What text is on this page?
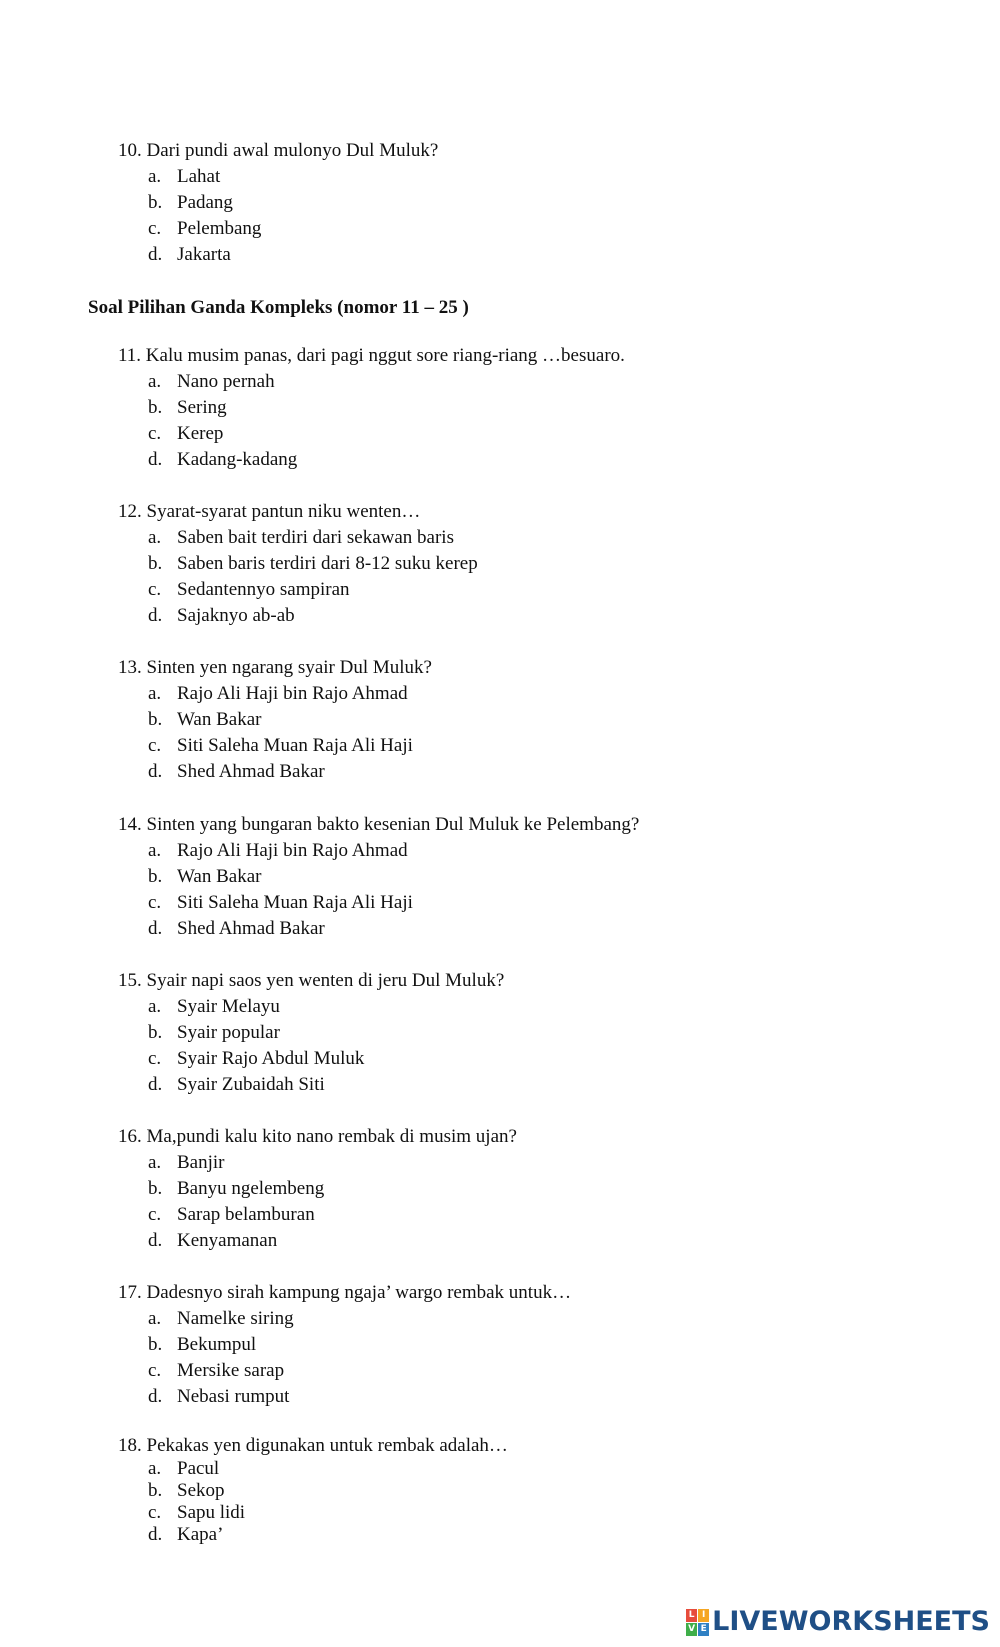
10. Dari pundi awal mulonyo Dul Muluk?
a. Lahat
b. Padang
c. Pelembang
d. Jakarta
Soal Pilihan Ganda Kompleks (nomor 11 – 25 )
11. Kalu musim panas, dari pagi nggut sore riang-riang …besuaro.
a. Nano pernah
b. Sering
c. Kerep
d. Kadang-kadang
12. Syarat-syarat pantun niku wenten…
a. Saben bait terdiri dari sekawan baris
b. Saben baris terdiri dari 8-12 suku kerep
c. Sedantennyo sampiran
d. Sajaknyo ab-ab
13. Sinten yen ngarang syair Dul Muluk?
a. Rajo Ali Haji bin Rajo Ahmad
b. Wan Bakar
c. Siti Saleha Muan Raja Ali Haji
d. Shed Ahmad Bakar
14. Sinten yang bungaran bakto kesenian Dul Muluk ke Pelembang?
a. Rajo Ali Haji bin Rajo Ahmad
b. Wan Bakar
c. Siti Saleha Muan Raja Ali Haji
d. Shed Ahmad Bakar
15. Syair napi saos yen wenten di jeru Dul Muluk?
a. Syair Melayu
b. Syair popular
c. Syair Rajo Abdul Muluk
d. Syair Zubaidah Siti
16. Ma,pundi kalu kito nano rembak di musim ujan?
a. Banjir
b. Banyu ngelembeng
c. Sarap belamburan
d. Kenyamanan
17. Dadesnyo sirah kampung ngaja’ wargo rembak untuk…
a. Namelke siring
b. Bekumpul
c. Mersike sarap
d. Nebasi rumput
18. Pekakas yen digunakan untuk rembak adalah…
a. Pacul
b. Sekop
c. Sapu lidi
d. Kapa’
L I
V E LIVEWORKSHEETS
